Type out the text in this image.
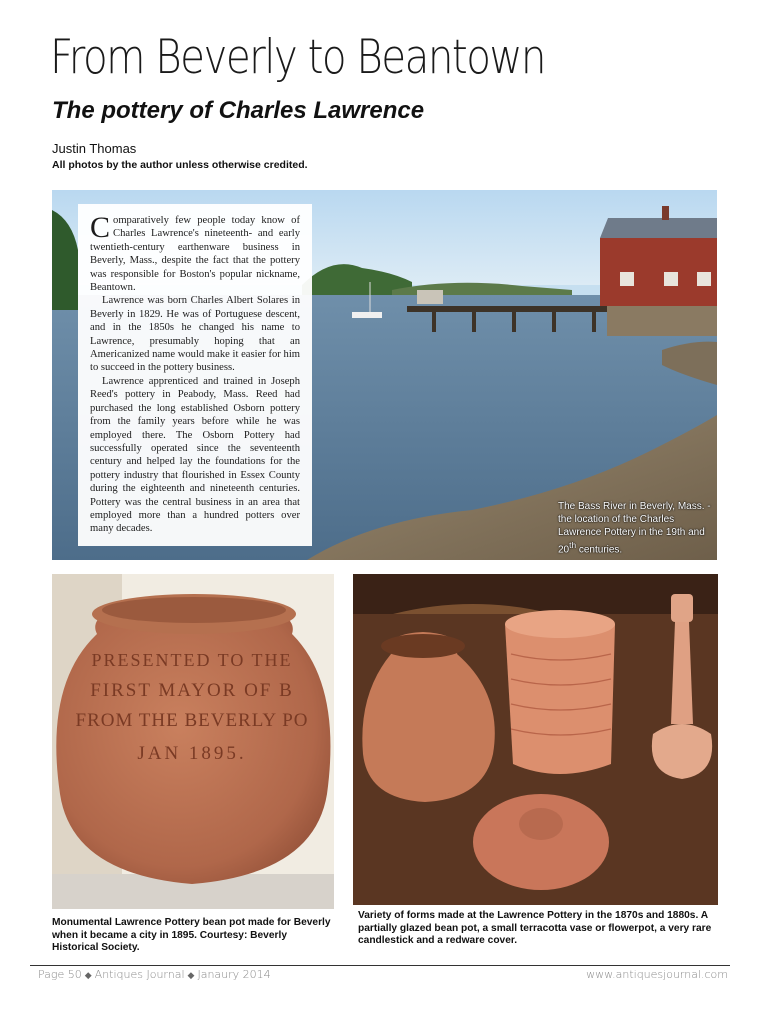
From Beverly to Beantown
The pottery of Charles Lawrence
Justin Thomas
All photos by the author unless otherwise credited.

Comparatively few people today know of Charles Lawrence's nineteenth- and early twentieth-century earthenware business in Beverly, Mass., despite the fact that the pottery was responsible for Boston's popular nickname, Beantown.

Lawrence was born Charles Albert Solares in Beverly in 1829. He was of Portuguese descent, and in the 1850s he changed his name to Lawrence, presumably hoping that an Americanized name would make it easier for him to succeed in the pottery business.

Lawrence apprenticed and trained in Joseph Reed's pottery in Peabody, Mass. Reed had purchased the long established Osborn pottery from the family years before while he was employed there. The Osborn Pottery had successfully operated since the seventeenth century and helped lay the foundations for the pottery industry that flourished in Essex County during the eighteenth and nineteenth centuries. Pottery was the central business in an area that employed more than a hundred potters over many decades.

The Bass River in Beverly, Mass. - the location of the Charles Lawrence Pottery in the 19th and 20th centuries.
PRESENTED TO THE
FIRST MAYOR OF B
FROM THE BEVERLY PO
JAN 1895.
Monumental Lawrence Pottery bean pot made for Beverly when it became a city in 1895. Courtesy: Beverly Historical Society.
Variety of forms made at the Lawrence Pottery in the 1870s and 1880s. A partially glazed bean pot, a small terracotta vase or flowerpot, a very rare candlestick and a redware cover.
Page 50 ◆ Antiques Journal ◆ Janaury 2014	www.antiquesjournal.com
